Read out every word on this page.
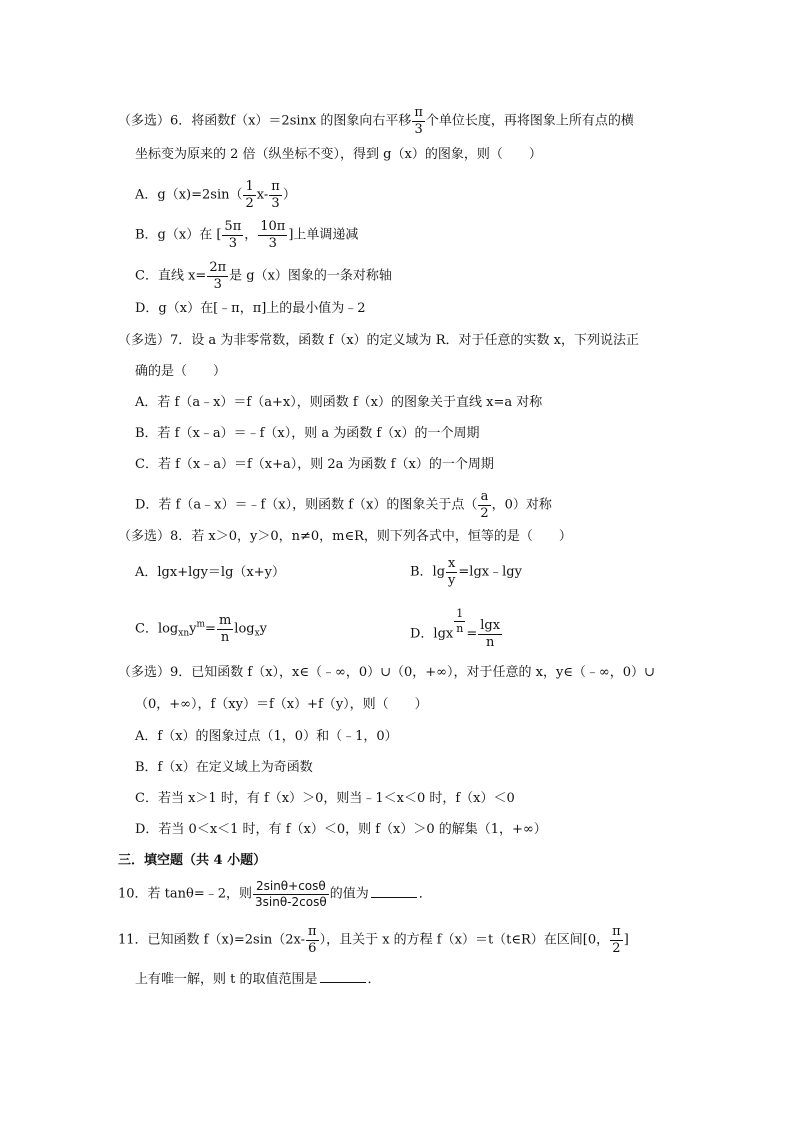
（多选）6．将函数f（x）＝2sinx 的图象向右平移 $\frac{\pi}{3}$ 个单位长度，再将图象上所有点的横
坐标变为原来的 2 倍（纵坐标不变），得到 g（x）的图象，则（　　）
A．$g(x)=2\sin( \frac{1}{2} x- \frac{\pi}{3}$ ）
B．g（x）在 [ $\frac{5\pi}{3}$ ， $\frac{10\pi}{3}$ ]上单调递减
C．直线 $x= \frac{2\pi}{3}$ 是 g（x）图象的一条对称轴
D．g（x）在[﹣π，π]上的最小值为﹣2
（多选）7．设 a 为非零常数，函数 f（x）的定义域为 R．对于任意的实数 x，下列说法正
确的是（　　）
A．若 f（a﹣x）＝f（a+x），则函数 f（x）的图象关于直线 x=a 对称
B．若 f（x﹣a）＝﹣f（x），则 a 为函数 f（x）的一个周期
C．若 f（x﹣a）＝f（x+a），则 2a 为函数 f（x）的一个周期
D．若 f（a﹣x）＝﹣f（x），则函数 f（x）的图象关于点（ $\frac{a}{2}$ ，0）对称
（多选）8．若 x＞0，y＞0，n≠0，m∈R，则下列各式中，恒等的是（　　）
A．lgx+lgy＝lg（x+y）	B．$\lg \frac{x}{y}$ =lgx﹣lgy
C．$\log_{xn}y^m= \frac{m}{n} \log_xy$	D．lgx $\frac{1}{n} = \frac{\lg x}{n}$
（多选）9．已知函数 f（x），x∈（﹣∞，0）∪（0，+∞），对于任意的 x，y∈（﹣∞，0）∪
（0，+∞），f（xy）＝f（x）+f（y），则（　　）
A．f（x）的图象过点（1，0）和（﹣1，0）
B．f（x）在定义域上为奇函数
C．若当 x＞1 时，有 f（x）＞0，则当﹣1＜x＜0 时，f（x）＜0
D．若当 0＜x＜1 时，有 f（x）＜0，则 f（x）＞0 的解集（1，+∞）
三．填空题（共 4 小题）
10．若 tanθ=﹣2，则 $\frac{2\sin\theta+\cos\theta}{3\sin\theta-2\cos\theta}$ 的值为	．
11．已知函数 $f(x)=2\sin(2x- \frac{\pi}{6}$ ），且关于 x 的方程 f（x）＝t（t∈R）在区间[0， $\frac{\pi}{2}$ ]
上有唯一解，则 t 的取值范围是	．
